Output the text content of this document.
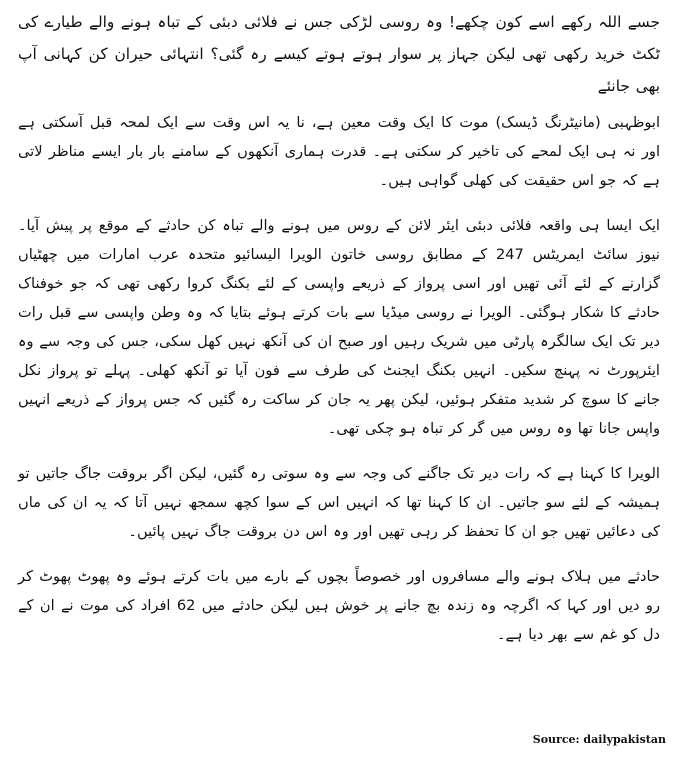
جسے اللہ رکھے اسے کون چکھے! وہ روسی لڑکی جس نے فلائی دبئی کے تباہ ہونے والے طیارے کی ٹکٹ خرید رکھی تھی لیکن جہاز پر سوار ہوتے ہوتے کیسے رہ گئی؟ انتہائی حیران کن کہانی آپ بھی جانئے

ابوظہبی (مانیٹرنگ ڈیسک) موت کا ایک وقت معین ہے، نا یہ اس وقت سے ایک لمحہ قبل آسکتی ہے اور نہ ہی ایک لمحے کی تاخیر کر سکتی ہے۔ قدرت ہماری آنکھوں کے سامنے بار بار ایسے مناظر لاتی ہے کہ جو اس حقیقت کی کھلی گواہی ہیں۔

ایک ایسا ہی واقعہ فلائی دبئی ایئر لائن کے روس میں ہونے والے تباہ کن حادثے کے موقع پر پیش آیا۔ نیوز سائٹ ایمریٹس 247 کے مطابق روسی خاتون الویرا الیسائیو متحدہ عرب امارات میں چھٹیاں گزارنے کے لئے آئی تھیں اور اسی پرواز کے ذریعے واپسی کے لئے بکنگ کروا رکھی تھی کہ جو خوفناک حادثے کا شکار ہوگئی۔ الویرا نے روسی میڈیا سے بات کرتے ہوئے بتایا کہ وہ وطن واپسی سے قبل رات دیر تک ایک سالگرہ پارٹی میں شریک رہیں اور صبح ان کی آنکھ نہیں کھل سکی، جس کی وجہ سے وہ ایئرپورٹ نہ پہنچ سکیں۔ انہیں بکنگ ایجنٹ کی طرف سے فون آیا تو آنکھ کھلی۔ پہلے تو پرواز نکل جانے کا سوچ کر شدید متفکر ہوئیں، لیکن پھر یہ جان کر ساکت رہ گئیں کہ جس پرواز کے ذریعے انہیں واپس جانا تھا وہ روس میں گر کر تباہ ہو چکی تھی۔

الویرا کا کہنا ہے کہ رات دیر تک جاگنے کی وجہ سے وہ سوتی رہ گئیں، لیکن اگر بروقت جاگ جاتیں تو ہمیشہ کے لئے سو جاتیں۔ ان کا کہنا تھا کہ انہیں اس کے سوا کچھ سمجھ نہیں آتا کہ یہ ان کی ماں کی دعائیں تھیں جو ان کا تحفظ کر رہی تھیں اور وہ اس دن بروقت جاگ نہیں پائیں۔

حادثے میں ہلاک ہونے والے مسافروں اور خصوصاً بچوں کے بارے میں بات کرتے ہوئے وہ پھوٹ پھوٹ کر رو دیں اور کہا کہ اگرچہ وہ زندہ بچ جانے پر خوش ہیں لیکن حادثے میں 62 افراد کی موت نے ان کے دل کو غم سے بھر دیا ہے۔

Source: dailypakistan
